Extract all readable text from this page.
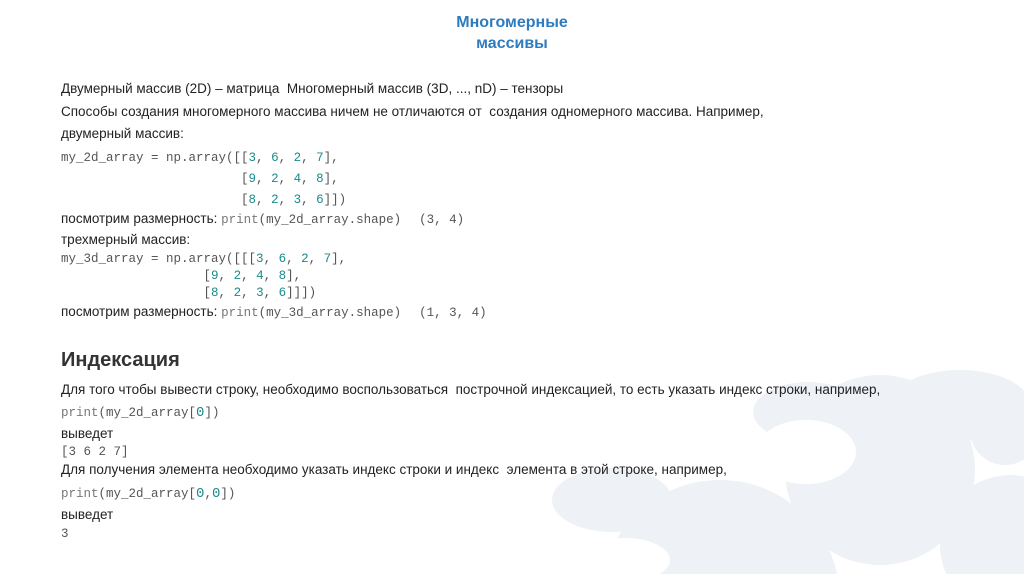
Многомерные
массивы
Двумерный массив (2D) – матрица  Многомерный массив (3D, ..., nD) – тензоры
Способы создания многомерного массива ничем не отличаются от  создания одномерного массива. Например,
двумерный массив:
my_2d_array = np.array([[3, 6, 2, 7],
[9, 2, 4, 8],
[8, 2, 3, 6]])
посмотрим размерность: print(my_2d_array.shape) (3, 4)
трехмерный массив:
my_3d_array = np.array([[[3, 6, 2, 7],
[9, 2, 4, 8],
[8, 2, 3, 6]]])
посмотрим размерность: print(my_3d_array.shape) (1, 3, 4)
Индексация
Для того чтобы вывести строку, необходимо воспользоваться  построчной индексацией, то есть указать индекс строки, например,
print(my_2d_array[0])
выведет
[3 6 2 7]
Для получения элемента необходимо указать индекс строки и индекс  элемента в этой строке, например,
print(my_2d_array[0,0])
выведет
3
